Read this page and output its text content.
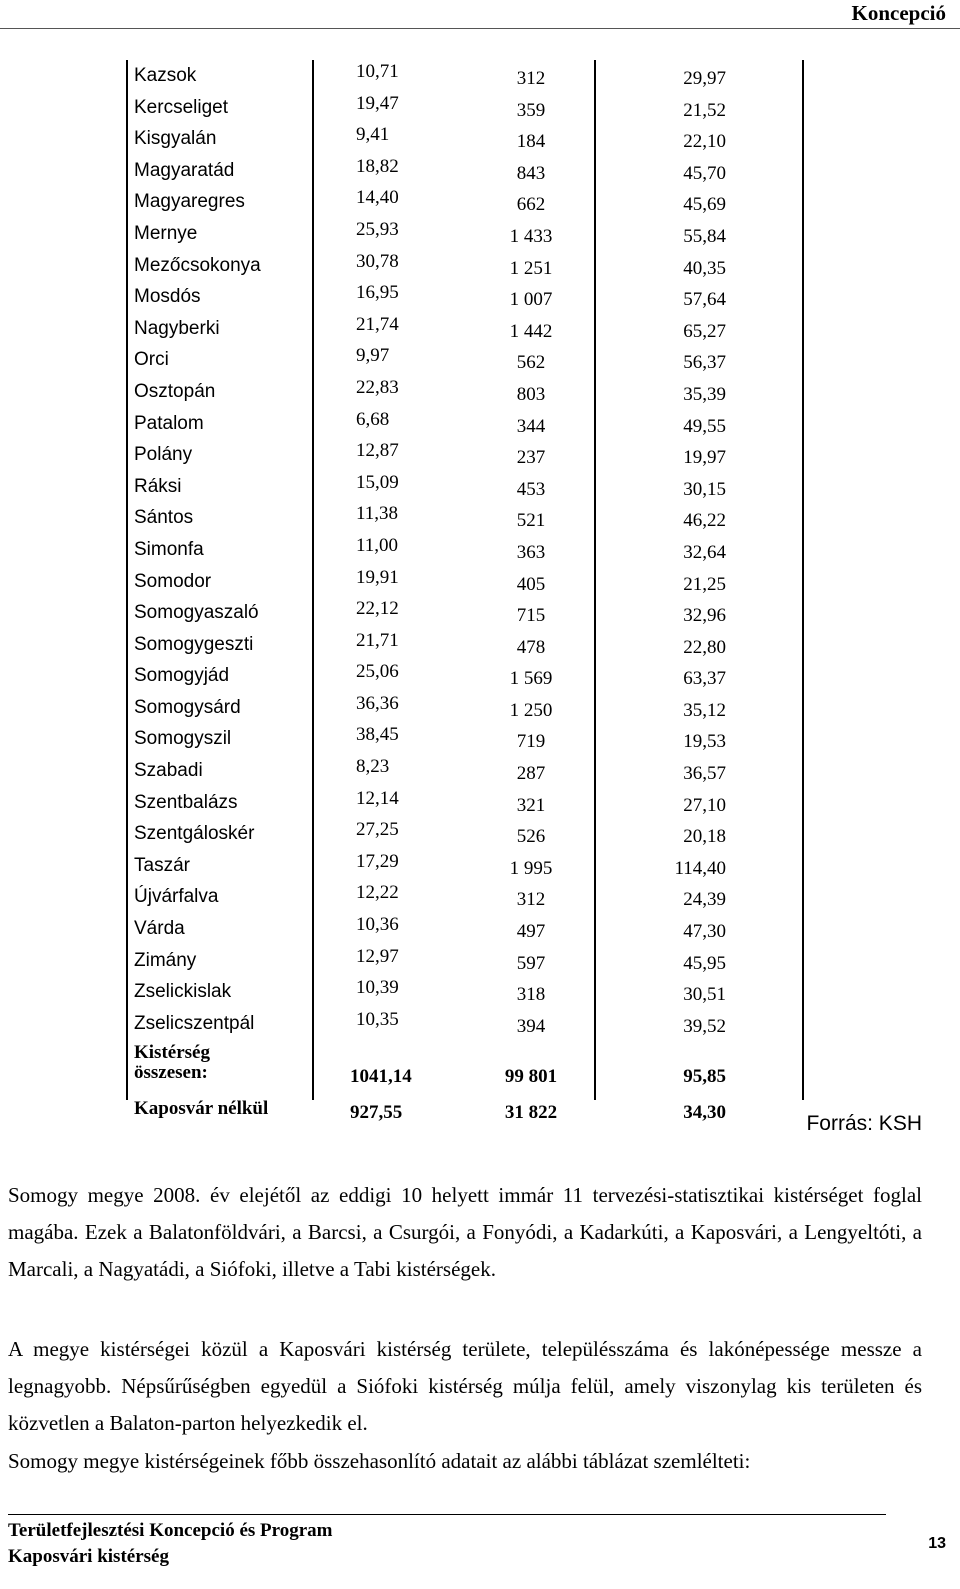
Koncepció
Kazsok	10,71	312	29,97
Kercseliget	19,47	359	21,52
Kisgyalán	9,41	184	22,10
Magyaratád	18,82	843	45,70
Magyaregres	14,40	662	45,69
Mernye	25,93	1 433	55,84
Mezőcsokonya	30,78	1 251	40,35
Mosdós	16,95	1 007	57,64
Nagyberki	21,74	1 442	65,27
Orci	9,97	562	56,37
Osztopán	22,83	803	35,39
Patalom	6,68	344	49,55
Polány	12,87	237	19,97
Ráksi	15,09	453	30,15
Sántos	11,38	521	46,22
Simonfa	11,00	363	32,64
Somodor	19,91	405	21,25
Somogyaszaló	22,12	715	32,96
Somogygeszti	21,71	478	22,80
Somogyjád	25,06	1 569	63,37
Somogysárd	36,36	1 250	35,12
Somogyszil	38,45	719	19,53
Szabadi	8,23	287	36,57
Szentbalázs	12,14	321	27,10
Szentgáloskér	27,25	526	20,18
Taszár	17,29	1 995	114,40
Újvárfalva	12,22	312	24,39
Várda	10,36	497	47,30
Zimány	12,97	597	45,95
Zselickislak	10,39	318	30,51
Zselicszentpál	10,35	394	39,52
Kistérség
összesen:	1041,14	99 801	95,85
Kaposvár nélkül	927,55	31 822	34,30	Forrás: KSH
Somogy megye 2008. év elejétől az eddigi 10 helyett immár 11 tervezési-statisztikai kistérséget foglal magába. Ezek a Balatonföldvári, a Barcsi, a Csurgói, a Fonyódi, a Kadarkúti, a Kaposvári, a Lengyeltóti, a Marcali, a Nagyatádi, a Siófoki, illetve a Tabi kistérségek.
A megye kistérségei közül a Kaposvári kistérség területe, településszáma és lakónépessége messze a legnagyobb. Népsűrűségben egyedül a Siófoki kistérség múlja felül, amely viszonylag kis területen és közvetlen a Balaton-parton helyezkedik el.
Somogy megye kistérségeinek főbb összehasonlító adatait az alábbi táblázat szemlélteti:
Területfejlesztési Koncepció és Program
Kaposvári kistérség
13
